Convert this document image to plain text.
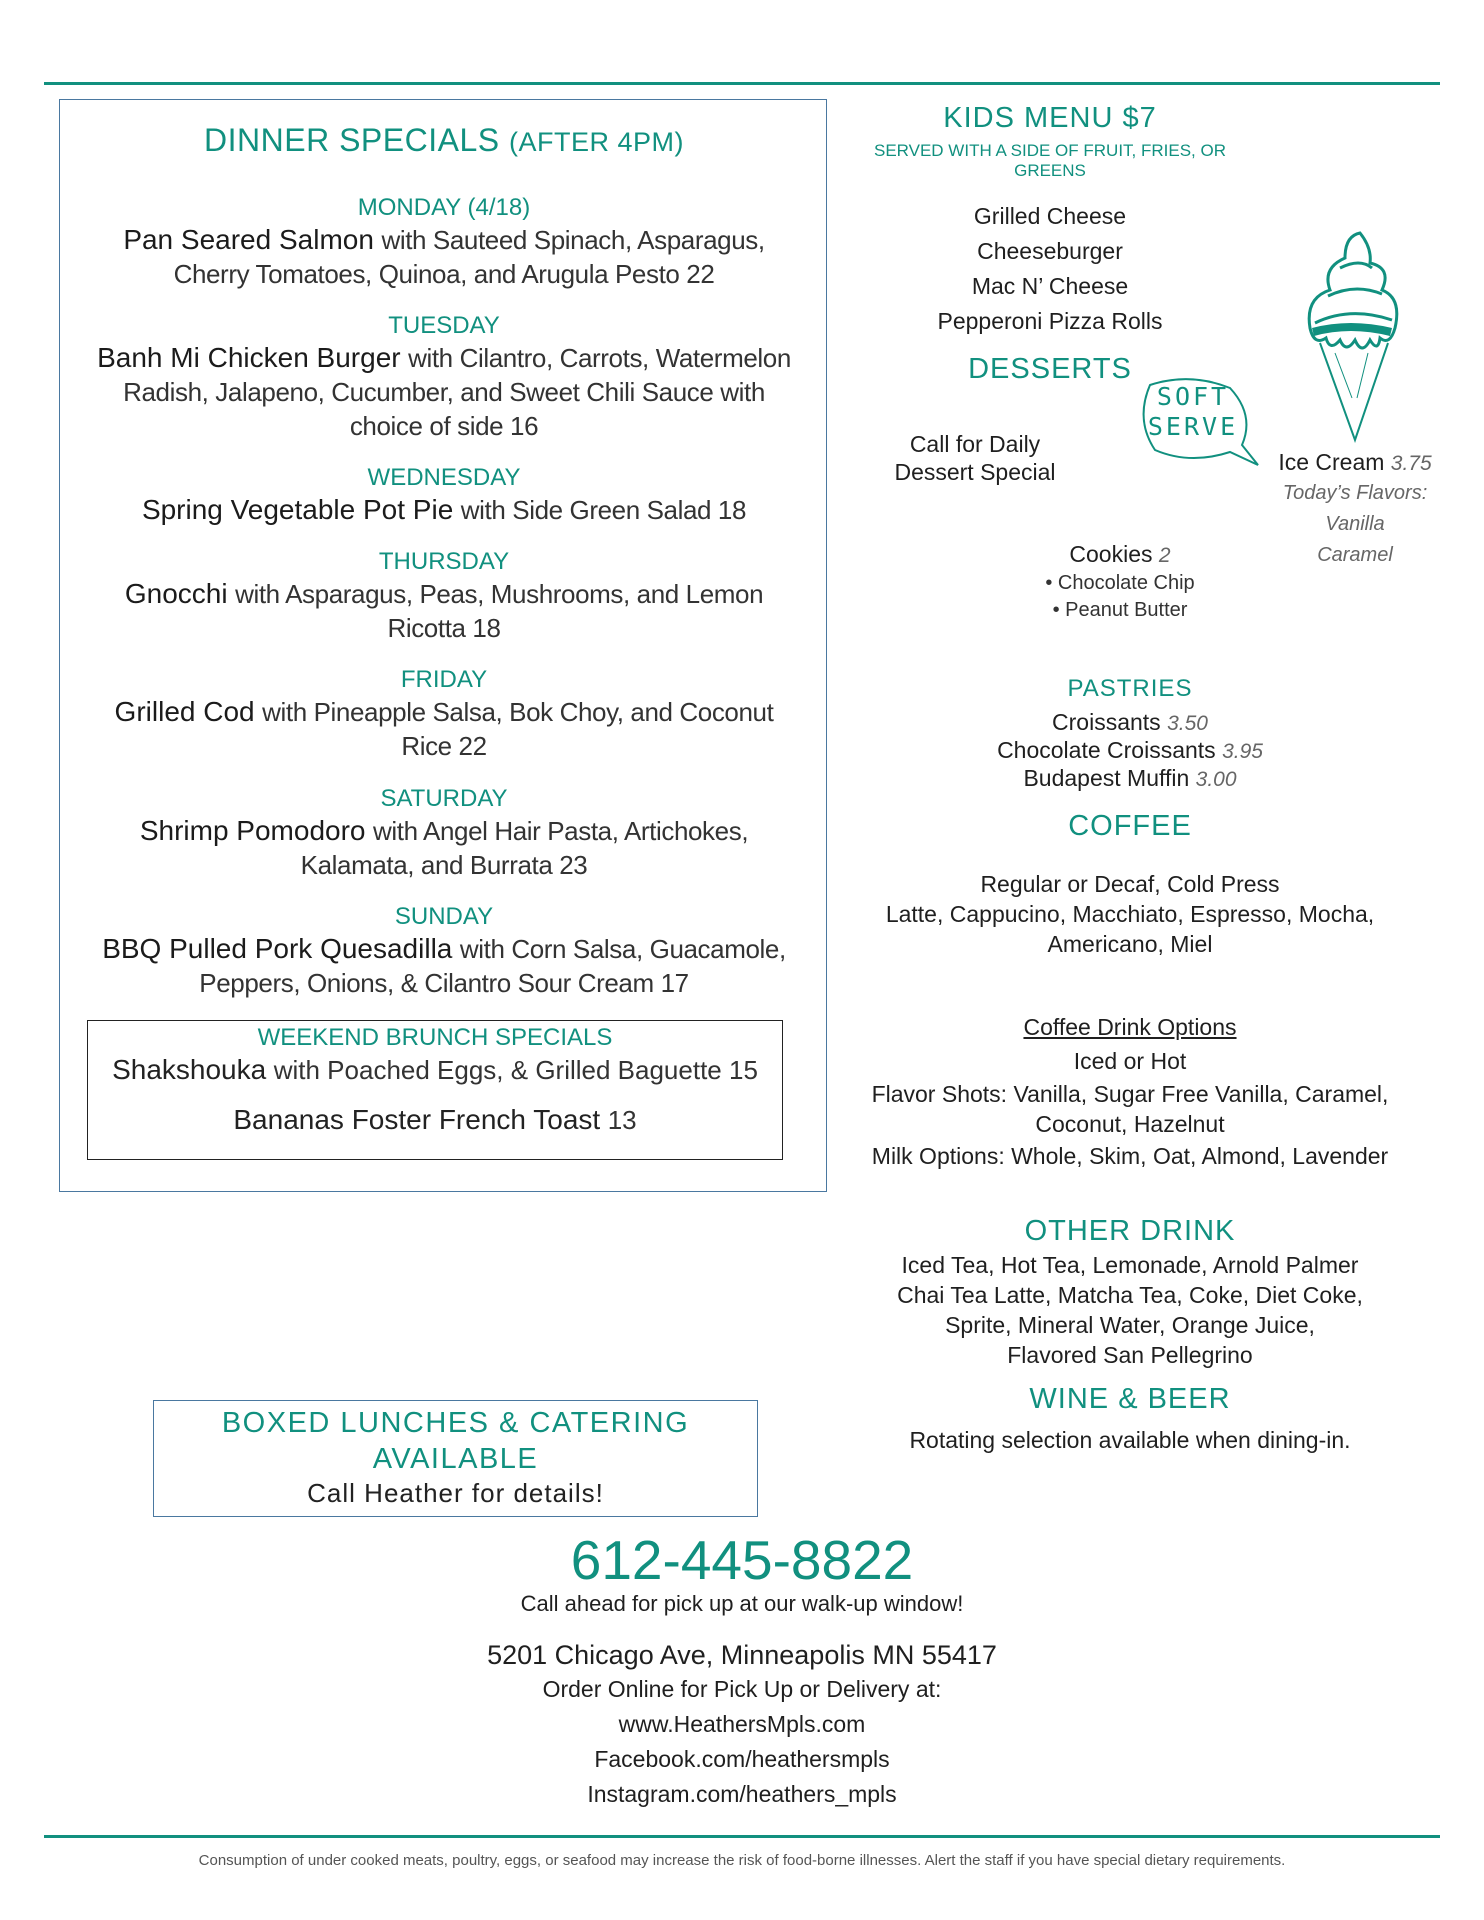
DINNER SPECIALS (AFTER 4PM)
MONDAY (4/18)
Pan Seared Salmon with Sauteed Spinach, Asparagus, Cherry Tomatoes, Quinoa, and Arugula Pesto 22
TUESDAY
Banh Mi Chicken Burger with Cilantro, Carrots, Watermelon Radish, Jalapeno, Cucumber, and Sweet Chili Sauce with choice of side 16
WEDNESDAY
Spring Vegetable Pot Pie with Side Green Salad 18
THURSDAY
Gnocchi with Asparagus, Peas, Mushrooms, and Lemon Ricotta 18
FRIDAY
Grilled Cod with Pineapple Salsa, Bok Choy, and Coconut Rice 22
SATURDAY
Shrimp Pomodoro with Angel Hair Pasta, Artichokes, Kalamata, and Burrata 23
SUNDAY
BBQ Pulled Pork Quesadilla with Corn Salsa, Guacamole, Peppers, Onions, & Cilantro Sour Cream 17
WEEKEND BRUNCH SPECIALS
Shakshouka with Poached Eggs, & Grilled Baguette 15
Bananas Foster French Toast 13
KIDS MENU $7
SERVED WITH A SIDE OF FRUIT, FRIES, OR GREENS
Grilled Cheese
Cheeseburger
Mac N’ Cheese
Pepperoni Pizza Rolls
DESSERTS
Call for Daily
Dessert Special
SOFT
SERVE
Ice Cream 3.75
Today’s Flavors:
Vanilla
Caramel
Cookies 2
• Chocolate Chip
• Peanut Butter
PASTRIES
Croissants 3.50
Chocolate Croissants 3.95
Budapest Muffin 3.00
COFFEE
Regular or Decaf, Cold Press
Latte, Cappucino, Macchiato, Espresso, Mocha,
Americano, Miel
Coffee Drink Options
Iced or Hot
Flavor Shots: Vanilla, Sugar Free Vanilla, Caramel,
Coconut, Hazelnut
Milk Options: Whole, Skim, Oat, Almond, Lavender
OTHER DRINK
Iced Tea, Hot Tea, Lemonade, Arnold Palmer
Chai Tea Latte, Matcha Tea, Coke, Diet Coke,
Sprite, Mineral Water, Orange Juice,
Flavored San Pellegrino
WINE & BEER
Rotating selection available when dining-in.
BOXED LUNCHES & CATERING
AVAILABLE
Call Heather for details!
612-445-8822
Call ahead for pick up at our walk-up window!
5201 Chicago Ave, Minneapolis MN 55417
Order Online for Pick Up or Delivery at:
www.HeathersMpls.com
Facebook.com/heathersmpls
Instagram.com/heathers_mpls
Consumption of under cooked meats, poultry, eggs, or seafood may increase the risk of food-borne illnesses. Alert the staff if you have special dietary requirements.
